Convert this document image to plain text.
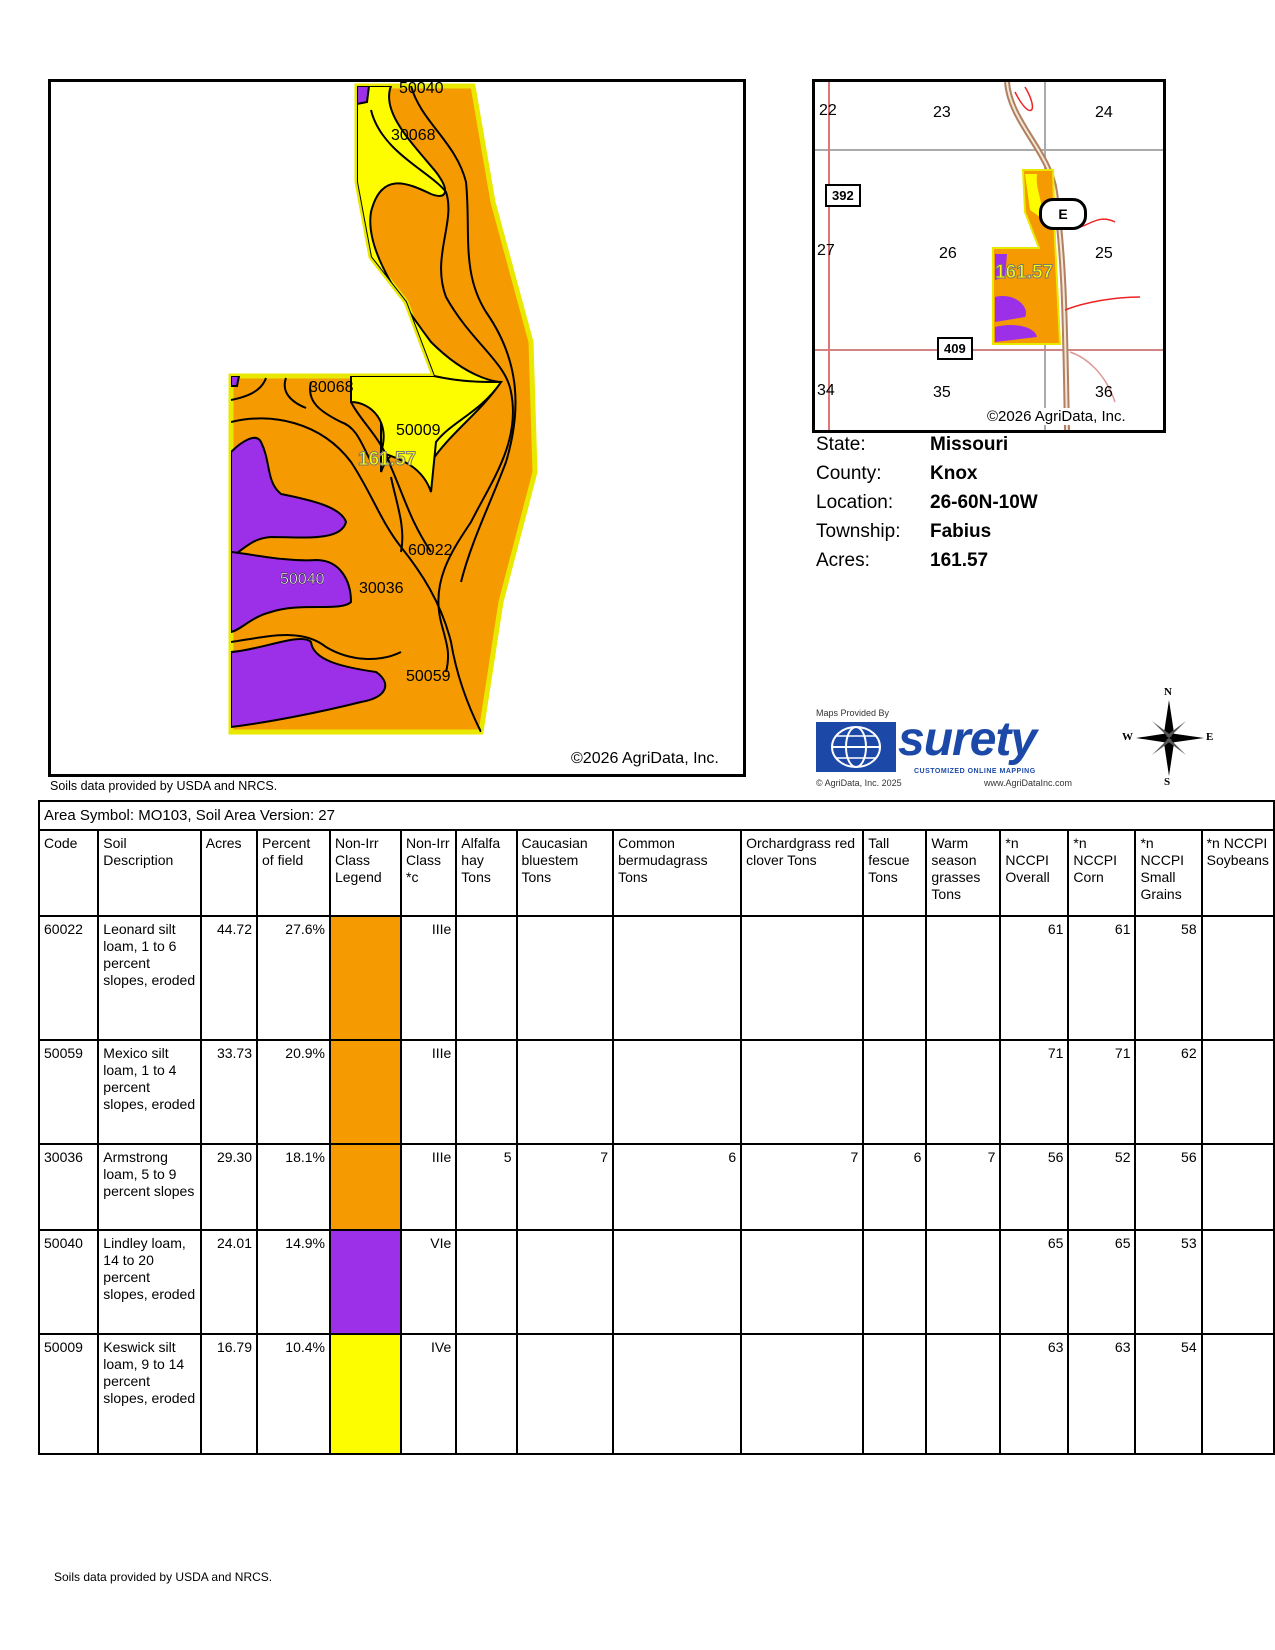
50040
30068
30068
50009
161.57
60022
50040
30036
50059
©2026 AgriData, Inc.
Soils data provided by USDA and NRCS.
22	23	24
27	26	25
34	35	36
392
409
E
161.57
©2026 AgriData, Inc.
State:	Missouri
County:	Knox
Location: 26-60N-10W
Township: Fabius
Acres:	161.57
Maps Provided By surety
CUSTOMIZED ONLINE MAPPING
© AgriData, Inc. 2025	www.AgriDataInc.com
N
S
W	E
Area Symbol: MO103, Soil Area Version: 27															
Code	Soil Description	Acres	Percent of field	Non-Irr Class Legend	Non-Irr Class *c	Alfalfa hay Tons	Caucasian bluestem Tons	Common bermudagrass Tons	Orchardgrass red clover Tons	Tall fescue Tons	Warm season grasses Tons	*n NCCPI Overall	*n NCCPI Corn	*n NCCPI Small Grains	*n NCCPI Soybeans
60022	Leonard silt loam, 1 to 6 percent slopes, eroded	44.72	27.6%		IIIe							61	61	58	
50059	Mexico silt loam, 1 to 4 percent slopes, eroded	33.73	20.9%		IIIe							71	71	62	
30036	Armstrong loam, 5 to 9 percent slopes	29.30	18.1%		IIIe	5	7	6	7	6	7	56	52	56	
50040	Lindley loam, 14 to 20 percent slopes, eroded	24.01	14.9%		VIe							65	65	53	
50009	Keswick silt loam, 9 to 14 percent slopes, eroded	16.79	10.4%		IVe							63	63	54	
Soils data provided by USDA and NRCS.
